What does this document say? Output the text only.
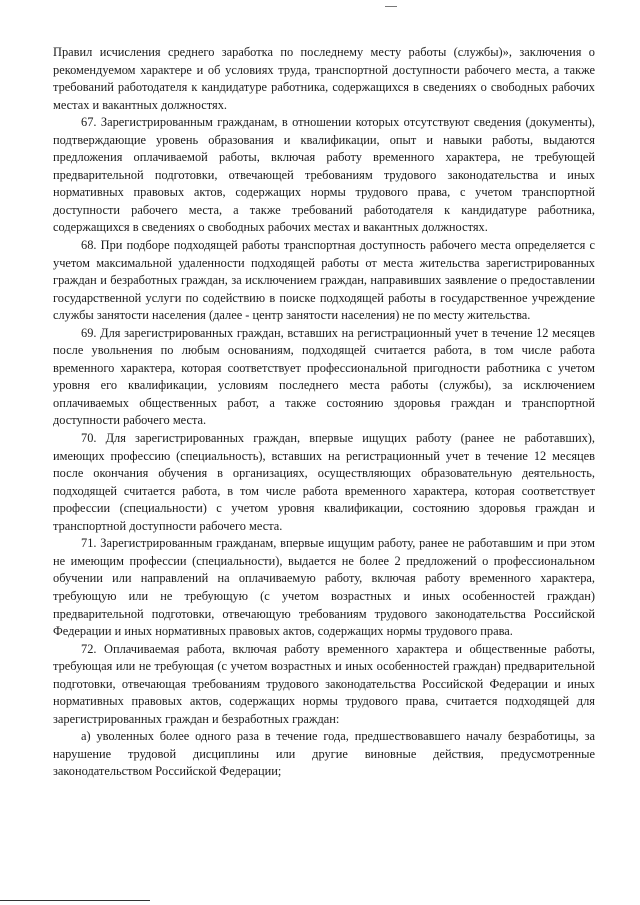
Правил исчисления среднего заработка по последнему месту работы (службы)», заключения о рекомендуемом характере и об условиях труда, транспортной доступности рабочего места, а также требований работодателя к кандидатуре работника, содержащихся в сведениях о свободных рабочих местах и вакантных должностях.

67. Зарегистрированным гражданам, в отношении которых отсутствуют сведения (документы), подтверждающие уровень образования и квалификации, опыт и навыки работы, выдаются предложения оплачиваемой работы, включая работу временного характера, не требующей предварительной подготовки, отвечающей требованиям трудового законодательства и иных нормативных правовых актов, содержащих нормы трудового права, с учетом транспортной доступности рабочего места, а также требований работодателя к кандидатуре работника, содержащихся в сведениях о свободных рабочих местах и вакантных должностях.

68. При подборе подходящей работы транспортная доступность рабочего места определяется с учетом максимальной удаленности подходящей работы от места жительства зарегистрированных граждан и безработных граждан, за исключением граждан, направивших заявление о предоставлении государственной услуги по содействию в поиске подходящей работы в государственное учреждение службы занятости населения (далее - центр занятости населения) не по месту жительства.

69. Для зарегистрированных граждан, вставших на регистрационный учет в течение 12 месяцев после увольнения по любым основаниям, подходящей считается работа, в том числе работа временного характера, которая соответствует профессиональной пригодности работника с учетом уровня его квалификации, условиям последнего места работы (службы), за исключением оплачиваемых общественных работ, а также состоянию здоровья граждан и транспортной доступности рабочего места.

70. Для зарегистрированных граждан, впервые ищущих работу (ранее не работавших), имеющих профессию (специальность), вставших на регистрационный учет в течение 12 месяцев после окончания обучения в организациях, осуществляющих образовательную деятельность, подходящей считается работа, в том числе работа временного характера, которая соответствует профессии (специальности) с учетом уровня квалификации, состоянию здоровья граждан и транспортной доступности рабочего места.

71. Зарегистрированным гражданам, впервые ищущим работу, ранее не работавшим и при этом не имеющим профессии (специальности), выдается не более 2 предложений о профессиональном обучении или направлений на оплачиваемую работу, включая работу временного характера, требующую или не требующую (с учетом возрастных и иных особенностей граждан) предварительной подготовки, отвечающую требованиям трудового законодательства Российской Федерации и иных нормативных правовых актов, содержащих нормы трудового права.

72. Оплачиваемая работа, включая работу временного характера и общественные работы, требующая или не требующая (с учетом возрастных и иных особенностей граждан) предварительной подготовки, отвечающая требованиям трудового законодательства Российской Федерации и иных нормативных правовых актов, содержащих нормы трудового права, считается подходящей для зарегистрированных граждан и безработных граждан:

а) уволенных более одного раза в течение года, предшествовавшего началу безработицы, за нарушение трудовой дисциплины или другие виновные действия, предусмотренные законодательством Российской Федерации;
